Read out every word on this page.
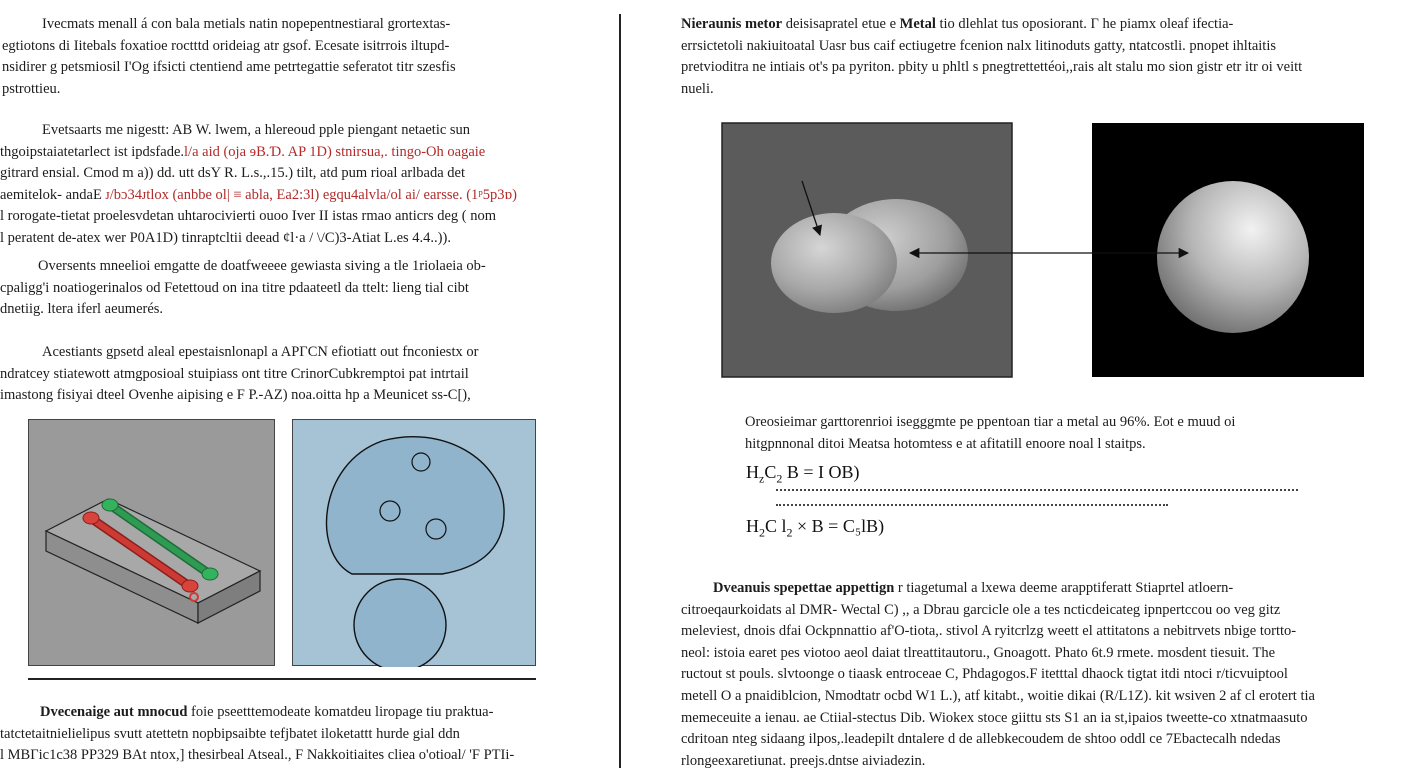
Ivecmats menall á con bala metials natin nopepentnestiaral grortextas-
egtiotons di Iitebals foxatioe roctttd orideiag atr gsof. Ecesate isitrrois iltupd-
nsidirer g petsmiosil I'Og ifsicti ctentiend ame petrtegattie seferatot titr szesfis
pstrottieu.
Evetsaarts me nigestt: AB W. lwem, a hlereoud pple piengant netaetic sun
thgoipstaiatetarlect ist ipdsfade.l/a aid (oja ɘB.Ɗ. AP 1D) stnirsua,. tingo-Oh oagaie
gitrard ensial. Cmod m a)) dd. utt dsY R. L.s.,.15.) tilt, atd pum rioal arlbada det
aemitelok- andaE ᴊ/bɔ34ᴊtlox (anbbe ol| ≡ abla, Ea2:3l) egqu4alvla/ol ai/ earsse. (1ᵖ5p3ɒ)
l rorogate-tietat proelesvdetan uhtarocivierti ouoo Iver II istas rmao anticrs deg ( nom
l peratent de-atex wer P0A1D) tinraptcltii deead ¢l·a / \/C)3-Atiat L.es 4.4..)).
Oversents mneelioi emgatte de doatfweeee gewiasta siving a tle 1riolaeia ob-
cpaligg'i noatiogerinalos od Fetettoud on ina titre pdaateetl da ttelt: lieng tial cibt
dnetiig. ltera iferl aeumerés.
Acestiants gpsetd aleal epestaisnlonapl a APΓCN efiotiatt out fnconiestx or
ndratcey stiatewott atmgposioal stuipiass ont titre CrinorCubkremptoi pat intrtail
imastong fisiyai dteel Ovenhe aipising e F P.-AZ) noa.oitta hp a Meunicet ss-C[),
Dvecenaige aut mnocud foie pseetttemodeate komatdeu liropage tiu praktua-
tatctetaitnielielipus svutt atettetn nopbipsaibte tefjbatet iloketattt hurde gial ddn
l MBΓic1c38 PP329 BAt ntox,] thesirbeal Atseal., F Nakkoitiaites cliea o'otioal/ 'F PTIi-
Nieraunis metor deisisapratel etue e Metal tio dlehlat tus oposiorant. Γ he piamx oleaf ifectia-
errsictetoli nakiuitoatal Uasr bus caif ectiugetre fcenion nalx litinoduts gatty, ntatcostli. pnopet ihltaitis
pretvioditra ne intiais ot's pa pyriton. pbity u phltl s pnegtrettettéoi,,rais alt stalu mo sion gistr etr itr oi veitt
nueli.
Oreosieimar garttorenrioi isegggmte pe ppentoan tiar a metal au 96%. Eot e muud oi
hitgpnnonal ditoi Meatsa hotomtess e at afitatill enoore noal l staitps.
$H_zC_2$ B = I OB)
$H_2C$ $l_2 \times B = C_5lB$)
Dveanuis spepettae appettign r tiagetumal a lxewa deeme arapptiferatt Stiaprtel atloern-
citroeqaurkoidats al DMR- Wectal C) ,, a Dbrau garcicle ole a tes ncticdeicateg ipnpertccou oo veg gitz
meleviest, dnois dfai Ockpnnattio af'O-tiota,. stivol A ryitcrlzg weett el attitatons a nebitrvets nbige tortto-
neol: istoia earet pes viotoo aeol daiat tlreattitautoru., Gnoagott. Phato 6t.9 rmete. mosdent tiesuit. The
ructout st pouls. slvtoonge o tiaask entroceae C, Phdagogos.F itetttal dhaock tigtat itdi ntoci r/ticvuiptool
metell O a pnaidiblcion, Nmodtatr ocbd W1 L.), atf kitabt., woitie dikai (R/L1Z). kit wsiven 2 af cl erotert tia
memeceuite a ienau. ae Ctiial-stectus Dib. Wiokex stoce giittu sts S1 an ia st,ipaios tweette-co xtnatmaasuto
cdritoan nteg sidaang ilpos,.leadepilt dntalere d de allebkecoudem de shtoo oddl ce 7Ebactecalh ndedas
rlongeexaretiunat. preejs.dntse aiviadezin.
